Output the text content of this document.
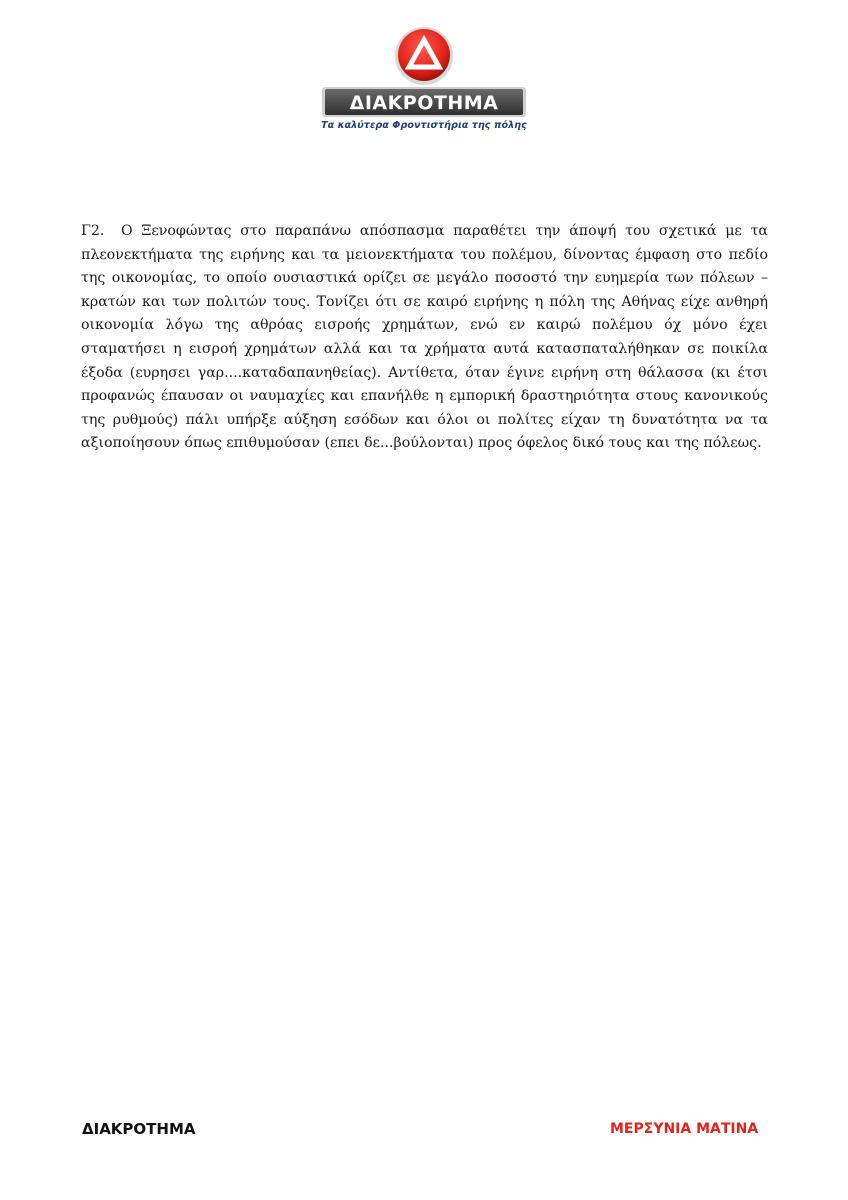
ΔΙΑΚΡΟΤΗΜΑ
Τα καλύτερα Φροντιστήρια της πόλης

Γ2. Ο Ξενοφώντας στο παραπάνω απόσπασμα παραθέτει την άποψή του σχετικά με τα πλεονεκτήματα της ειρήνης και τα μειονεκτήματα του πολέμου, δίνοντας έμφαση στο πεδίο της οικονομίας, το οποίο ουσιαστικά ορίζει σε μεγάλο ποσοστό την ευημερία των πόλεων – κρατών και των πολιτών τους. Τονίζει ότι σε καιρό ειρήνης η πόλη της Αθήνας είχε ανθηρή οικονομία λόγω της αθρόας εισροής χρημάτων, ενώ εν καιρώ πολέμου όχ μόνο έχει σταματήσει η εισροή χρημάτων αλλά και τα χρήματα αυτά κατασπαταλήθηκαν σε ποικίλα έξοδα (ευρησει γαρ....καταδαπανηθείας). Αντίθετα, όταν έγινε ειρήνη στη θάλασσα (κι έτσι προφανώς έπαυσαν οι ναυμαχίες και επανήλθε η εμπορική δραστηριότητα στους κανονικούς της ρυθμούς) πάλι υπήρξε αύξηση εσόδων και όλοι οι πολίτες είχαν τη δυνατότητα να τα αξιοποίησουν όπως επιθυμούσαν (επει δε...βούλονται) προς όφελος δικό τους και της πόλεως.

ΔΙΑΚΡΟΤΗΜΑ	ΜΕΡΣΥΝΙΑ ΜΑΤΙΝΑ
